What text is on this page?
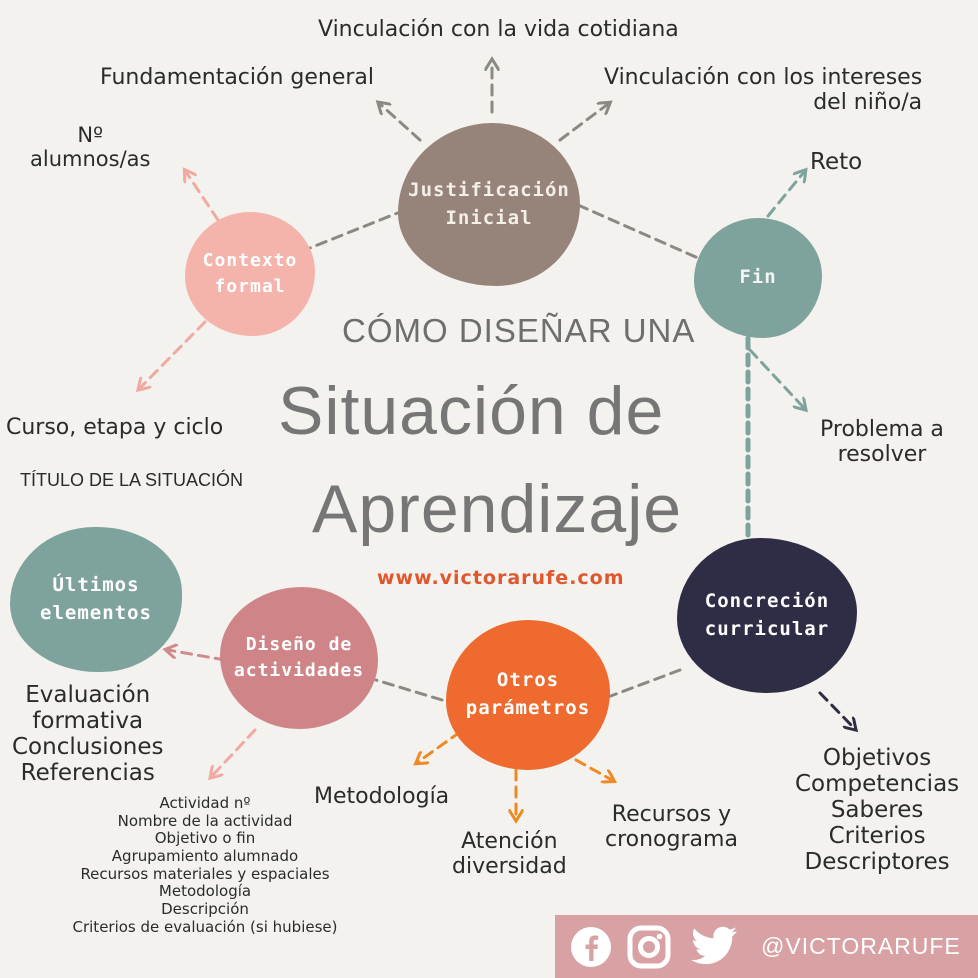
Justificación
Inicial
Fin
Contexto
formal
Concreción
curricular
Otros
parámetros
Diseño de
actividades
Últimos
elementos
CÓMO DISEÑAR UNA
Situación de
Aprendizaje
www.victorarufe.com
Vinculación con la vida cotidiana
Fundamentación general	Vinculación con los intereses
del niño/a
Nº
alumnos/as	Reto
Curso, etapa y ciclo
TÍTULO DE LA SITUACIÓN
Problema a
resolver
Evaluación
formativa
Conclusiones
Referencias
Objetivos
Competencias
Saberes
Criterios
Descriptores
Metodología
Atención
diversidad
Recursos y
cronograma
Actividad nº
Nombre de la actividad
Objetivo o fin
Agrupamiento alumnado
Recursos materiales y espaciales
Metodología
Descripción
Criterios de evaluación (si hubiese)
@VICTORARUFE
